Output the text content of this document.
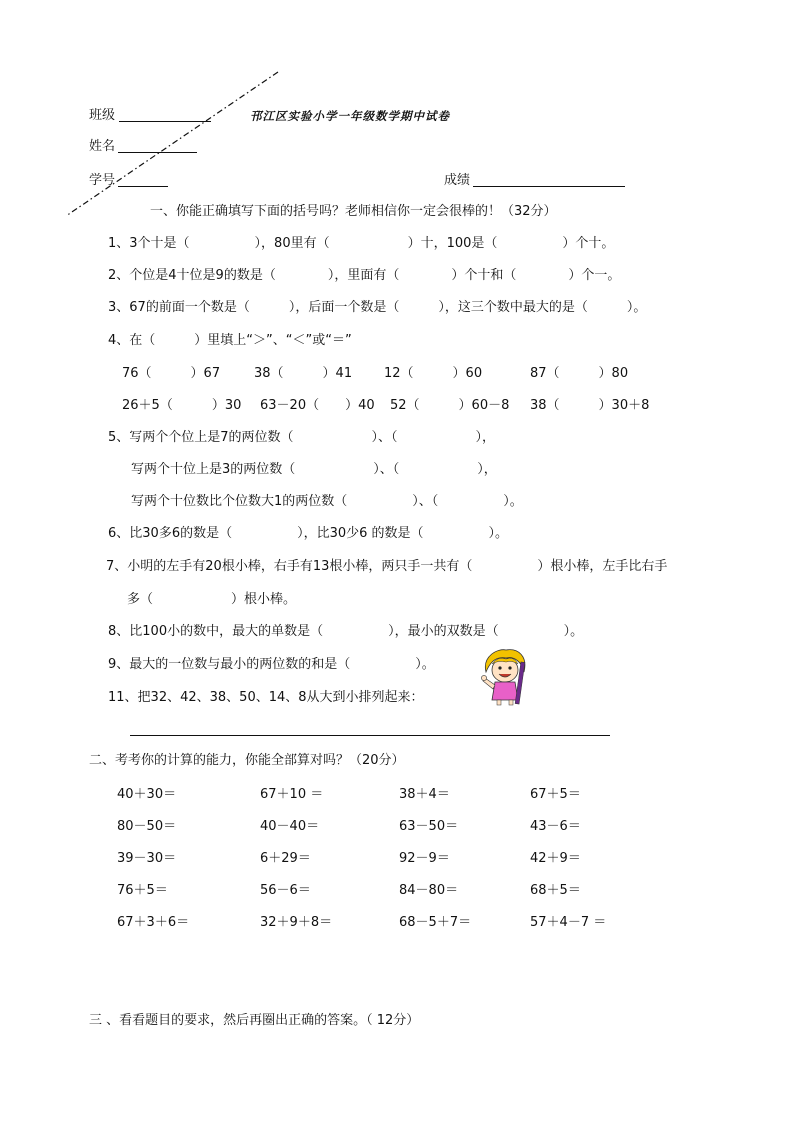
班级	邗江区实验小学一年级数学期中试卷
姓名
学号	成绩
一、你能正确填写下面的括号吗？老师相信你一定会很棒的！（32分）
1、3个十是（　　　　　），80里有（　　　　　　）十，100是（　　　　　）个十。
2、个位是4十位是9的数是（　　　　），里面有（　　　　）个十和（　　　　）个一。
3、67的前面一个数是（　　　），后面一个数是（　　　），这三个数中最大的是（　　　）。
4、在（　　　）里填上“＞”、“＜”或“＝”
76（　　　）67	38（　　　）41 12（　　　）60	87（　　　）80
26＋5（　　　）30 63－20（　　）40 52（　　　）60－8 38（　　　）30＋8
5、写两个个位上是7的两位数（　　　　　　）、（　　　　　　），
写两个十位上是3的两位数（　　　　　　）、（　　　　　　），
写两个十位数比个位数大1的两位数（　　　　　）、（　　　　　）。
6、比30多6的数是（　　　　　），比30少6 的数是（　　　　　）。
7、小明的左手有20根小棒，右手有13根小棒，两只手一共有（　　　　　）根小棒，左手比右手
多（　　　　　　）根小棒。
8、比100小的数中，最大的单数是（　　　　　），最小的双数是（　　　　　）。
9、最大的一位数与最小的两位数的和是（　　　　　）。
11、把32、42、38、50、14、8从大到小排列起来：
二、考考你的计算的能力，你能全部算对吗？（20分）
40＋30＝	67＋10 ＝	38＋4＝	67＋5＝
80－50＝	40－40＝	63－50＝	43－6＝
39－30＝	6＋29＝	92－9＝	42＋9＝
76＋5＝	56－6＝	84－80＝	68＋5＝
67＋3＋6＝	32＋9＋8＝	68－5＋7＝	57＋4－7 ＝
三 、看看题目的要求，然后再圈出正确的答案。（ 12分）
